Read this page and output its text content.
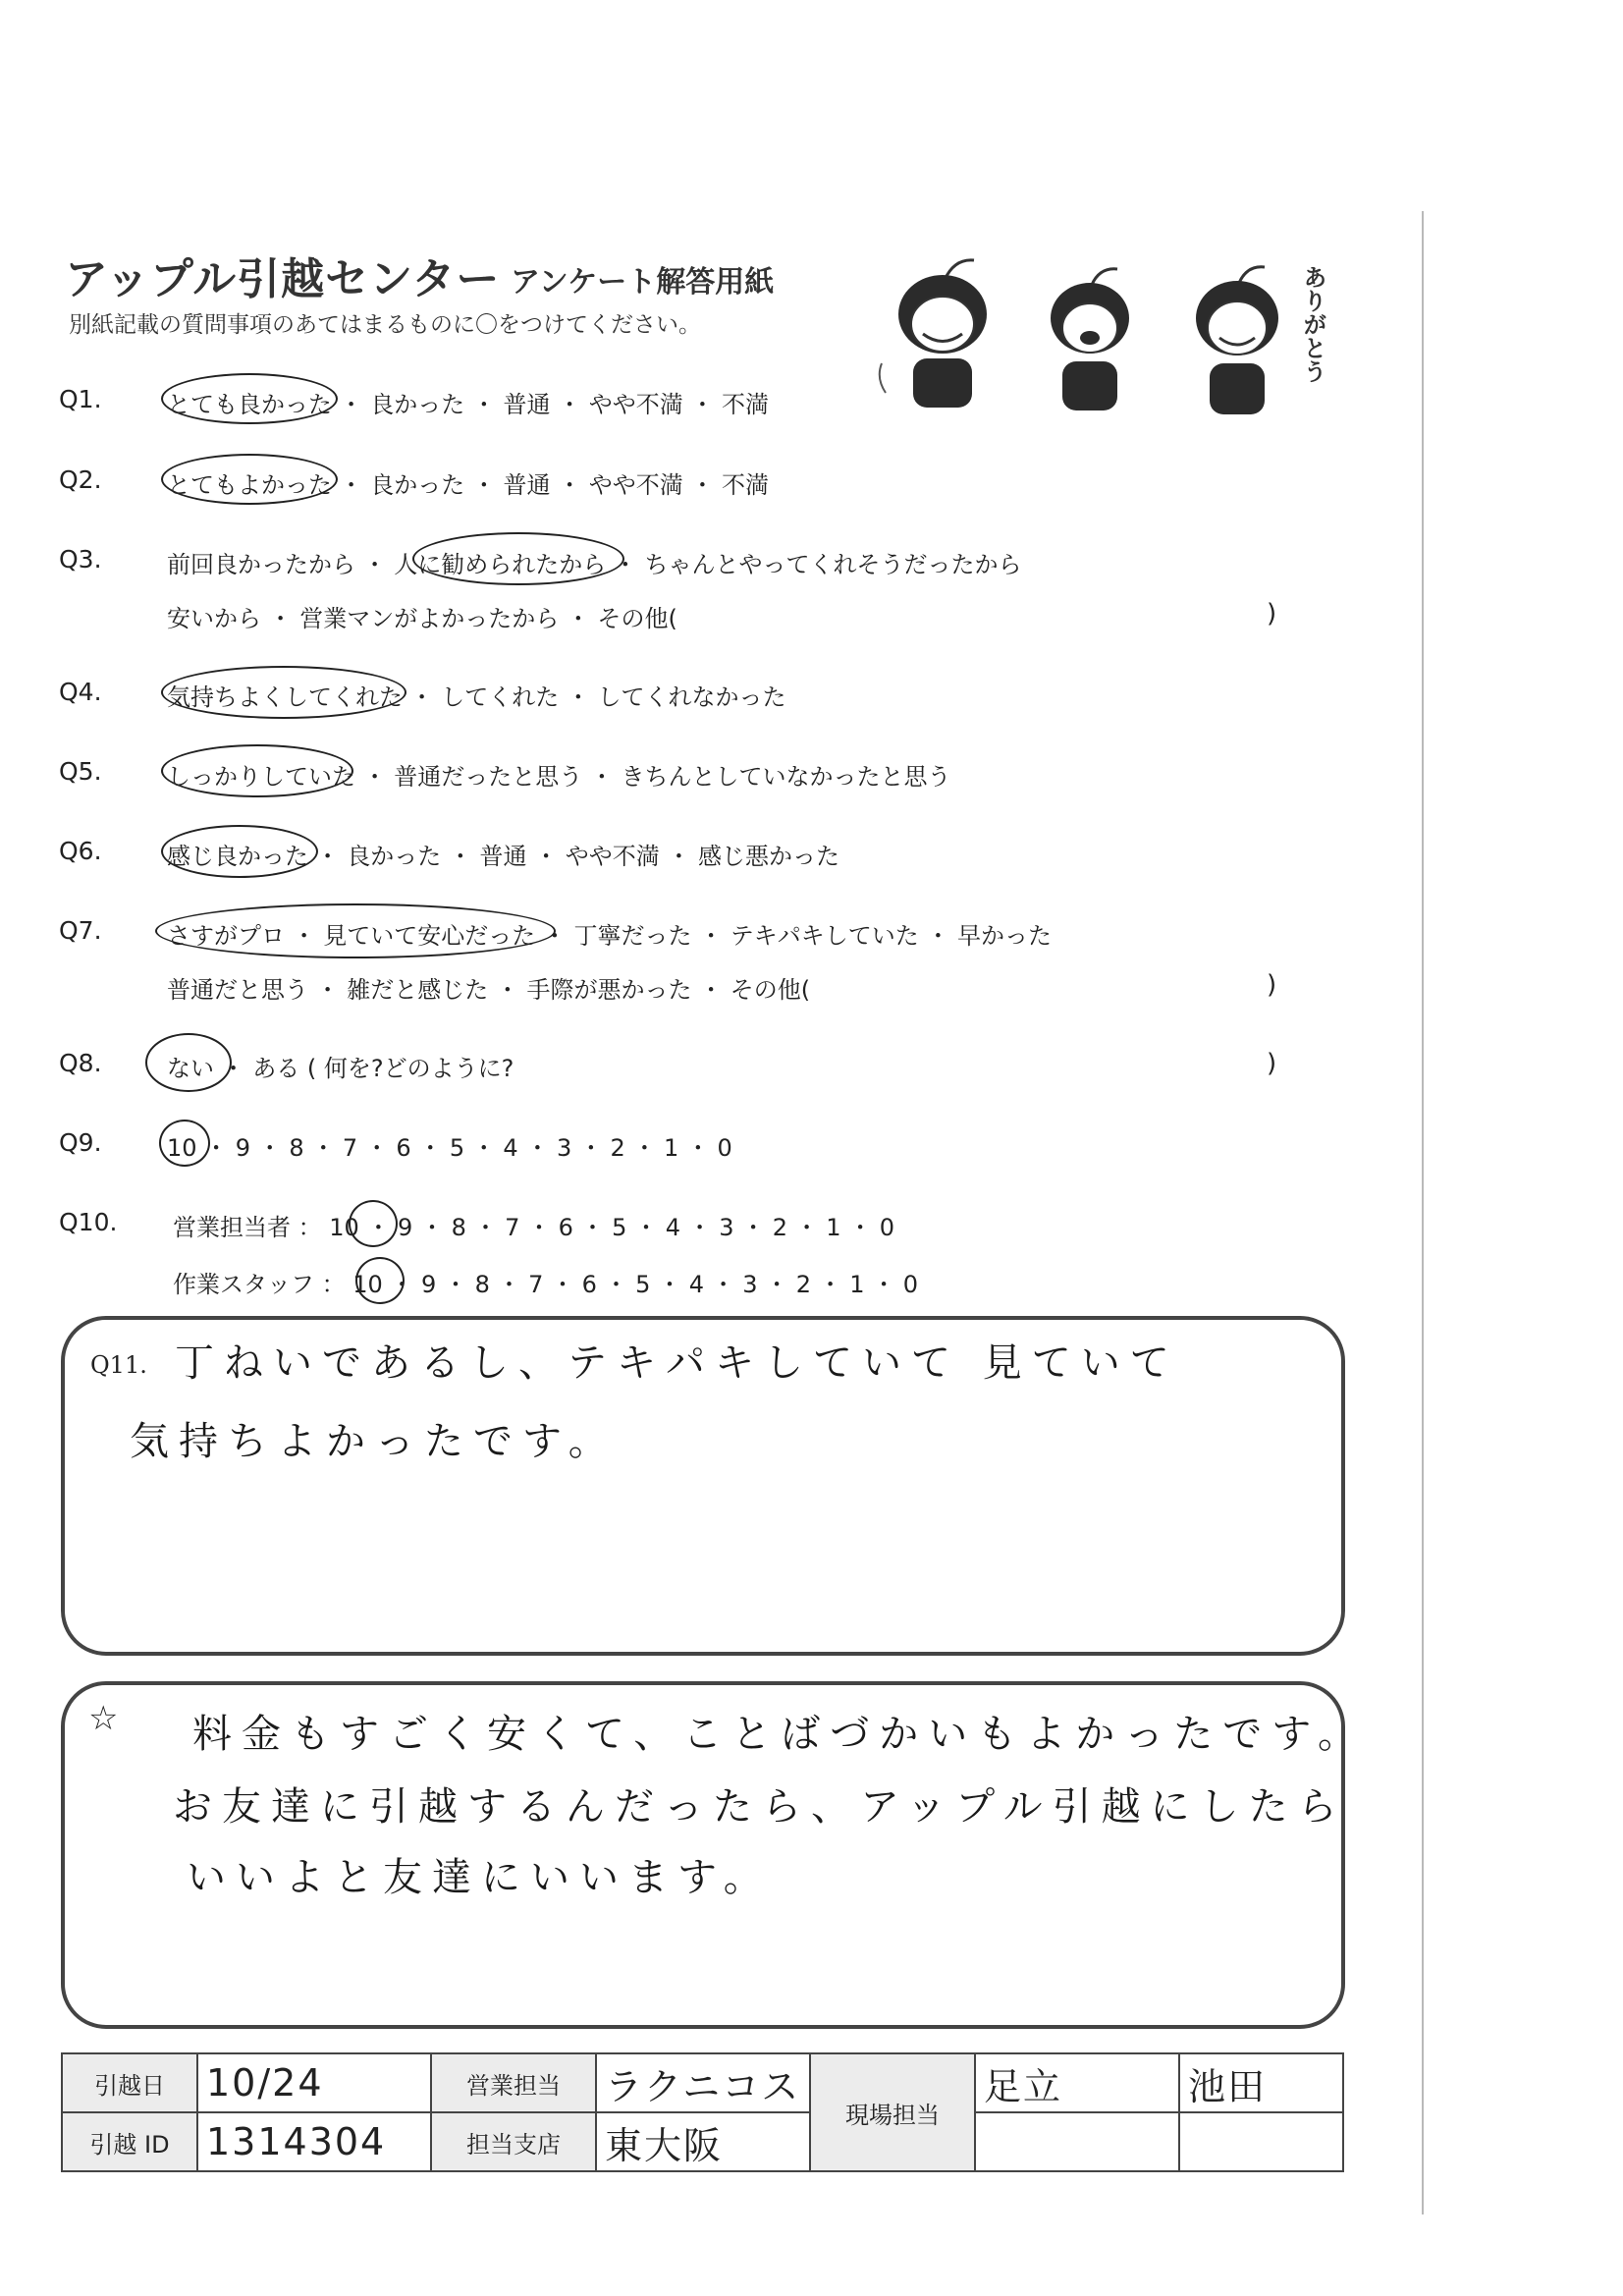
アップル引越センター アンケート解答用紙
別紙記載の質問事項のあてはまるものに〇をつけてください。	ありがとう
Q1.	とても良かった ・ 良かった ・ 普通 ・ やや不満 ・ 不満
Q2.	とてもよかった ・ 良かった ・ 普通 ・ やや不満 ・ 不満
Q3.	前回良かったから ・ 人に勧められたから ・ ちゃんとやってくれそうだったから
安いから ・ 営業マンがよかったから ・ その他(	)
Q4.	気持ちよくしてくれた ・ してくれた ・ してくれなかった
Q5.	しっかりしていた ・ 普通だったと思う ・ きちんとしていなかったと思う
Q6.	感じ良かった ・ 良かった ・ 普通 ・ やや不満 ・ 感じ悪かった
Q7.	さすがプロ ・ 見ていて安心だった ・ 丁寧だった ・ テキパキしていた ・ 早かった
普通だと思う ・ 雑だと感じた ・ 手際が悪かった ・ その他(	)
Q8.	ない ・ ある ( 何を?どのように?	)
Q9.	10 ・ 9 ・ 8 ・ 7 ・ 6 ・ 5 ・ 4 ・ 3 ・ 2 ・ 1 ・ 0
Q10. 営業担当者 ： 10 ・ 9 ・ 8 ・ 7 ・ 6 ・ 5 ・ 4 ・ 3 ・ 2 ・ 1 ・ 0
作業スタッフ ： 10 ・ 9 ・ 8 ・ 7 ・ 6 ・ 5 ・ 4 ・ 3 ・ 2 ・ 1 ・ 0
Q11. 丁ねいであるし、テキパキしていて 見ていて
気持ちよかったです。
☆ 料金もすごく安くて、ことばづかいもよかったです。
お友達に引越するんだったら、アップル引越にしたら
いいよと友達にいいます。
引越日	10/24	営業担当	ラクニコス	現場担当	足立	池田
引越 ID	1314304	担当支店	東大阪			
